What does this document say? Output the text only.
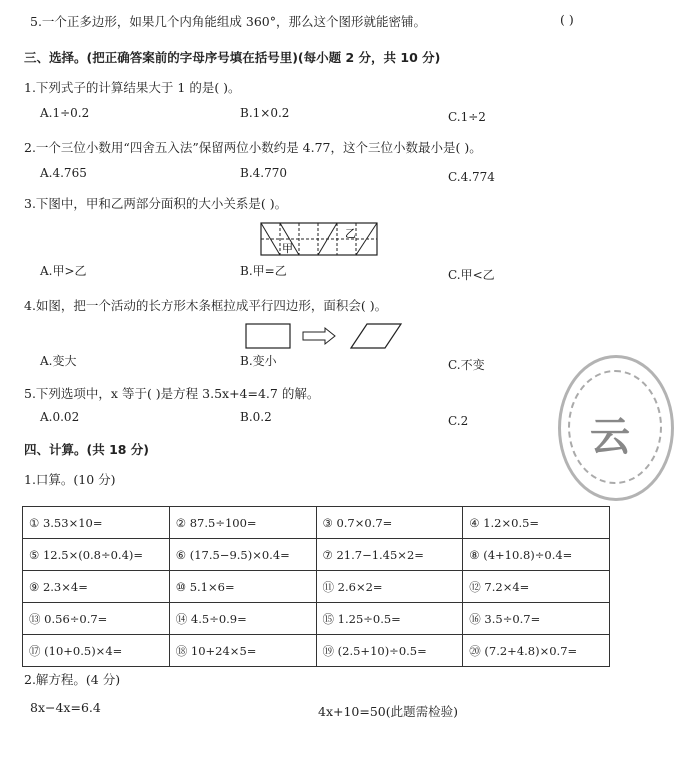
5.一个正多边形，如果几个内角能组成 360°，那么这个图形就能密铺。	( )
三、选择。(把正确答案前的字母序号填在括号里)(每小题 2 分，共 10 分)
1.下列式子的计算结果大于 1 的是( )。
A.1÷0.2	B.1×0.2	C.1÷2
2.一个三位小数用“四舍五入法”保留两位小数约是 4.77，这个三位小数最小是( )。
A.4.765	B.4.770	C.4.774
3.下图中，甲和乙两部分面积的大小关系是( )。
甲
乙
A.甲>乙	B.甲=乙	C.甲<乙
4.如图，把一个活动的长方形木条框拉成平行四边形，面积会( )。
A.变大	B.变小	C.不变
5.下列选项中，x 等于( )是方程 3.5x+4=4.7 的解。
A.0.02	B.0.2	C.2	云
四、计算。(共 18 分)
1.口算。(10 分)
① 3.53×10=	② 87.5÷100=	③ 0.7×0.7=	④ 1.2×0.5=
⑤ 12.5×(0.8÷0.4)=	⑥ (17.5−9.5)×0.4=	⑦ 21.7−1.45×2=	⑧ (4+10.8)÷0.4=
⑨ 2.3×4=	⑩ 5.1×6=	⑪ 2.6×2=	⑫ 7.2×4=
⑬ 0.56÷0.7=	⑭ 4.5÷0.9=	⑮ 1.25÷0.5=	⑯ 3.5÷0.7=
⑰ (10+0.5)×4=	⑱ 10+24×5=	⑲ (2.5+10)÷0.5=	⑳ (7.2+4.8)×0.7=
2.解方程。(4 分)
8x−4x=6.4	4x+10=50(此题需检验)
